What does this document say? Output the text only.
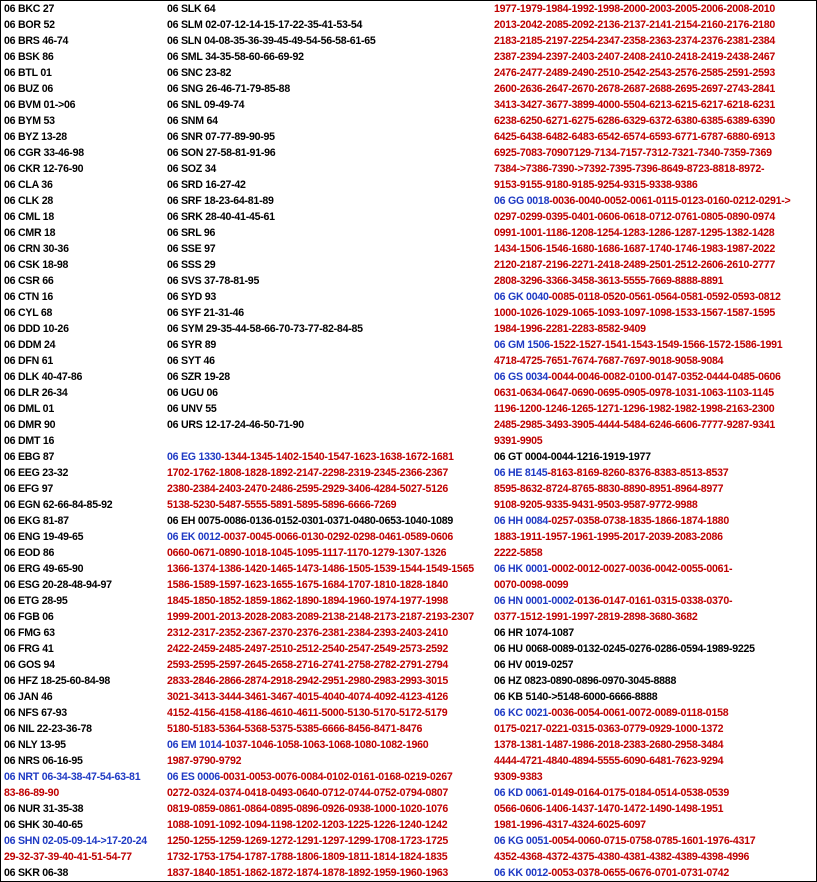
06 BKC 27
06 BOR 52
06 BRS 46-74
06 BSK 86
06 BTL 01
06 BUZ 06
06 BVM 01->06
06 BYM 53
06 BYZ 13-28
06 CGR 33-46-98
06 CKR 12-76-90
06 CLA 36
06 CLK 28
06 CML 18
06 CMR 18
06 CRN 30-36
06 CSK 18-98
06 CSR 66
06 CTN 16
06 CYL 68
06 DDD 10-26
06 DDM 24
06 DFN 61
06 DLK 40-47-86
06 DLR 26-34
06 DML 01
06 DMR 90
06 DMT 16
06 EBG 87
06 EEG 23-32
06 EFG 97
06 EGN 62-66-84-85-92
06 EKG 81-87
06 ENG 19-49-65
06 EOD 86
06 ERG 49-65-90
06 ESG 20-28-48-94-97
06 ETG 28-95
06 FGB 06
06 FMG 63
06 FRG 41
06 GOS 94
06 HFZ 18-25-60-84-98
06 JAN 46
06 NFS 67-93
06 NIL 22-23-36-78
06 NLY 13-95
06 NRS 06-16-95
06 NRT 06-34-38-47-54-63-81
83-86-89-90
06 NUR 31-35-38
06 SHK 30-40-65
06 SHN 02-05-09-14->17-20-24
29-32-37-39-40-41-51-54-77
06 SKR 06-38
06 SLK 64
06 SLM 02-07-12-14-15-17-22-35-41-53-54
06 SLN 04-08-35-36-39-45-49-54-56-58-61-65
06 SML 34-35-58-60-66-69-92
06 SNC 23-82
06 SNG 26-46-71-79-85-88
06 SNL 09-49-74
06 SNM 64
06 SNR 07-77-89-90-95
06 SON 27-58-81-91-96
06 SOZ 34
06 SRD 16-27-42
06 SRF 18-23-64-81-89
06 SRK 28-40-41-45-61
06 SRL 96
06 SSE 97
06 SSS 29
06 SVS 37-78-81-95
06 SYD 93
06 SYF 21-31-46
06 SYM 29-35-44-58-66-70-73-77-82-84-85
06 SYR 89
06 SYT 46
06 SZR 19-28
06 UGU 06
06 UNV 55
06 URS 12-17-24-46-50-71-90
06 EG 1330-1344-1345-1402-1540-1547-1623-1638-1672-1681
1702-1762-1808-1828-1892-2147-2298-2319-2345-2366-2367
2380-2384-2403-2470-2486-2595-2929-3406-4284-5027-5126
5138-5230-5487-5555-5891-5895-5896-6666-7269
06 EH 0075-0086-0136-0152-0301-0371-0480-0653-1040-1089
06 EK 0012-0037-0045-0066-0130-0292-0298-0461-0589-0606
0660-0671-0890-1018-1045-1095-1117-1170-1279-1307-1326
1366-1374-1386-1420-1465-1473-1486-1505-1539-1544-1549-1565
1586-1589-1597-1623-1655-1675-1684-1707-1810-1828-1840
1845-1850-1852-1859-1862-1890-1894-1960-1974-1977-1998
1999-2001-2013-2028-2083-2089-2138-2148-2173-2187-2193-2307
2312-2317-2352-2367-2370-2376-2381-2384-2393-2403-2410
2422-2459-2485-2497-2510-2512-2540-2547-2549-2573-2592
2593-2595-2597-2645-2658-2716-2741-2758-2782-2791-2794
2833-2846-2866-2874-2918-2942-2951-2980-2983-2993-3015
3021-3413-3444-3461-3467-4015-4040-4074-4092-4123-4126
4152-4156-4158-4186-4610-4611-5000-5130-5170-5172-5179
5180-5183-5364-5368-5375-5385-6666-8456-8471-8476
06 EM 1014-1037-1046-1058-1063-1068-1080-1082-1960
1987-9790-9792
06 ES 0006-0031-0053-0076-0084-0102-0161-0168-0219-0267
0272-0324-0374-0418-0493-0640-0712-0744-0752-0794-0807
0819-0859-0861-0864-0895-0896-0926-0938-1000-1020-1076
1088-1091-1092-1094-1198-1202-1203-1225-1226-1240-1242
1250-1255-1259-1269-1272-1291-1297-1299-1708-1723-1725
1732-1753-1754-1787-1788-1806-1809-1811-1814-1824-1835
1837-1840-1851-1862-1872-1874-1878-1892-1959-1960-1963
1977-1979-1984-1992-1998-2000-2003-2005-2006-2008-2010
2013-2042-2085-2092-2136-2137-2141-2154-2160-2176-2180
2183-2185-2197-2254-2347-2358-2363-2374-2376-2381-2384
2387-2394-2397-2403-2407-2408-2410-2418-2419-2438-2467
2476-2477-2489-2490-2510-2542-2543-2576-2585-2591-2593
2600-2636-2647-2670-2678-2687-2688-2695-2697-2743-2841
3413-3427-3677-3899-4000-5504-6213-6215-6217-6218-6231
6238-6250-6271-6275-6286-6329-6372-6380-6385-6389-6390
6425-6438-6482-6483-6542-6574-6593-6771-6787-6880-6913
6925-7083-70907129-7134-7157-7312-7321-7340-7359-7369
7384->7386-7390->7392-7395-7396-8649-8723-8818-8972-
9153-9155-9180-9185-9254-9315-9338-9386
06 GG 0018-0036-0040-0052-0061-0115-0123-0160-0212-0291->
0297-0299-0395-0401-0606-0618-0712-0761-0805-0890-0974
0991-1001-1186-1208-1254-1283-1286-1287-1295-1382-1428
1434-1506-1546-1680-1686-1687-1740-1746-1983-1987-2022
2120-2187-2196-2271-2418-2489-2501-2512-2606-2610-2777
2808-3296-3366-3458-3613-5555-7669-8888-8891
06 GK 0040-0085-0118-0520-0561-0564-0581-0592-0593-0812
1000-1026-1029-1065-1093-1097-1098-1533-1567-1587-1595
1984-1996-2281-2283-8582-9409
06 GM 1506-1522-1527-1541-1543-1549-1566-1572-1586-1991
4718-4725-7651-7674-7687-7697-9018-9058-9084
06 GS 0034-0044-0046-0082-0100-0147-0352-0444-0485-0606
0631-0634-0647-0690-0695-0905-0978-1031-1063-1103-1145
1196-1200-1246-1265-1271-1296-1982-1982-1998-2163-2300
2485-2985-3493-3905-4444-5484-6246-6606-7777-9287-9341
9391-9905
06 GT 0004-0044-1216-1919-1977
06 HE 8145-8163-8169-8260-8376-8383-8513-8537
8595-8632-8724-8765-8830-8890-8951-8964-8977
9108-9205-9335-9431-9503-9587-9772-9988
06 HH 0084-0257-0358-0738-1835-1866-1874-1880
1883-1911-1957-1961-1995-2017-2039-2083-2086
2222-5858
06 HK 0001-0002-0012-0027-0036-0042-0055-0061-
0070-0098-0099
06 HN 0001-0002-0136-0147-0161-0315-0338-0370-
0377-1512-1991-1997-2819-2898-3680-3682
06 HR 1074-1087
06 HU 0068-0089-0132-0245-0276-0286-0594-1989-9225
06 HV 0019-0257
06 HZ 0823-0890-0896-0970-3045-8888
06 KB 5140->5148-6000-6666-8888
06 KC 0021-0036-0054-0061-0072-0089-0118-0158
0175-0217-0221-0315-0363-0779-0929-1000-1372
1378-1381-1487-1986-2018-2383-2680-2958-3484
4444-4721-4840-4894-5555-6090-6481-7623-9294
9309-9383
06 KD 0061-0149-0164-0175-0184-0514-0538-0539
0566-0606-1406-1437-1470-1472-1490-1498-1951
1981-1996-4317-4324-6025-6097
06 KG 0051-0054-0060-0715-0758-0785-1601-1976-4317
4352-4368-4372-4375-4380-4381-4382-4389-4398-4996
06 KK 0012-0053-0378-0655-0676-0701-0731-0742
